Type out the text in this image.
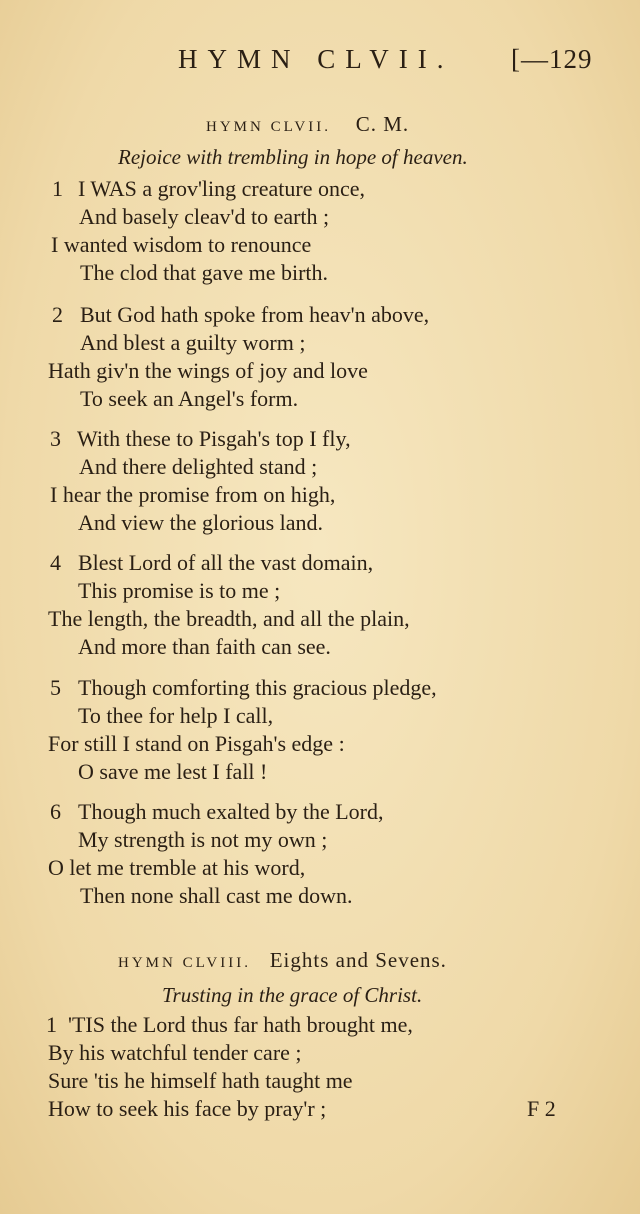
HYMN CLVII. [—129
HYMN CLVII. C. M.
Rejoice with trembling in hope of heaven.
1 I WAS a grov'ling creature once,
And basely cleav'd to earth ;
I wanted wisdom to renounce
The clod that gave me birth.
2 But God hath spoke from heav'n above,
And blest a guilty worm ;
Hath giv'n the wings of joy and love
To seek an Angel's form.
3 With these to Pisgah's top I fly,
And there delighted stand ;
I hear the promise from on high,
And view the glorious land.
4 Blest Lord of all the vast domain,
This promise is to me ;
The length, the breadth, and all the plain,
And more than faith can see.
5 Though comforting this gracious pledge,
To thee for help I call,
For still I stand on Pisgah's edge :
O save me lest I fall !
6 Though much exalted by the Lord,
My strength is not my own ;
O let me tremble at his word,
Then none shall cast me down.
HYMN CLVIII. Eights and Sevens.
Trusting in the grace of Christ.
1 'TIS the Lord thus far hath brought me,
By his watchful tender care ;
Sure 'tis he himself hath taught me
How to seek his face by pray'r ;	F 2
